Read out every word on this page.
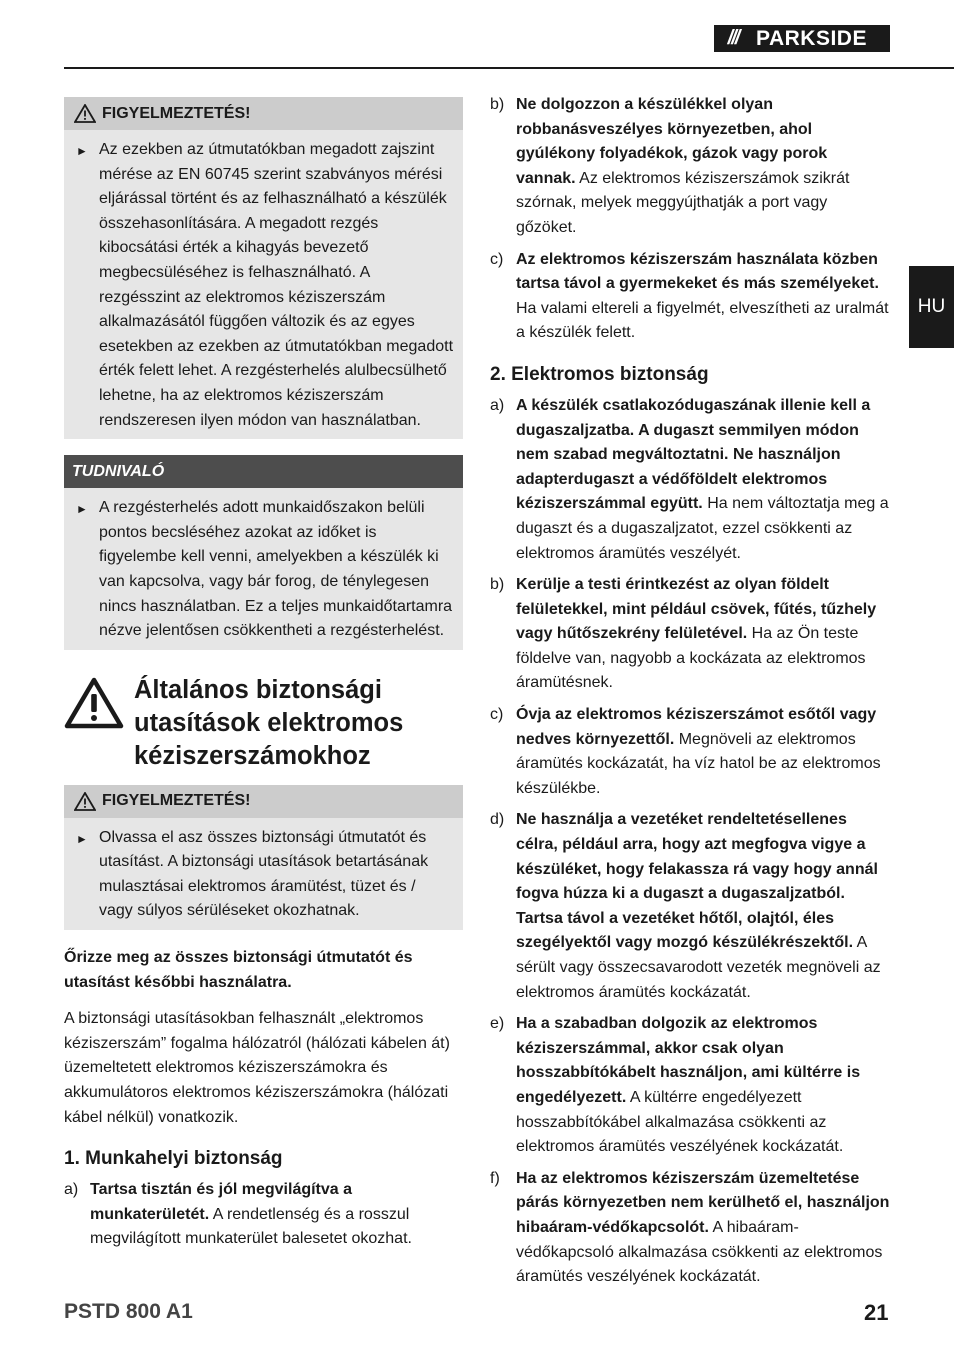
/// PARKSIDE
HU
FIGYELMEZTETÉS!
► Az ezekben az útmutatókban megadott zajszint mérése az EN 60745 szerint szabványos mérési eljárással történt és az felhasználható a készülék összehasonlítására. A megadott rezgés kibocsátási érték a kihagyás bevezető megbecsüléséhez is felhasználható. A rezgésszint az elektromos kéziszerszám alkalmazásától függően változik és az egyes esetekben az ezekben az útmutatókban megadott érték felett lehet. A rezgésterhelés alulbecsülhető lehetne, ha az elektromos kéziszerszám rendszeresen ilyen módon van használatban.
TUDNIVALÓ
► A rezgésterhelés adott munkaidőszakon belüli pontos becsléséhez azokat az időket is figyelembe kell venni, amelyekben a készülék ki van kapcsolva, vagy bár forog, de ténylegesen nincs használatban. Ez a teljes munkaidőtartamra nézve jelentősen csökkentheti a rezgésterhelést.
Általános biztonsági utasítások elektromos kéziszerszámokhoz
FIGYELMEZTETÉS!
► Olvassa el asz összes biztonsági útmutatót és utasítást. A biztonsági utasítások betartásának mulasztásai elektromos áramütést, tüzet és / vagy súlyos sérüléseket okozhatnak.
Őrizze meg az összes biztonsági útmutatót és utasítást későbbi használatra.
A biztonsági utasításokban felhasznált „elektromos kéziszerszám” fogalma hálózatról (hálózati kábelen át) üzemeltetett elektromos kéziszerszámokra és akkumulátoros elektromos kéziszerszámokra (hálózati kábel nélkül) vonatkozik.
1. Munkahelyi biztonság
a) Tartsa tisztán és jól megvilágítva a munkaterületét. A rendetlenség és a rosszul megvilágított munkaterület balesetet okozhat.
b) Ne dolgozzon a készülékkel olyan robbanásveszélyes környezetben, ahol gyúlékony folyadékok, gázok vagy porok vannak. Az elektromos kéziszerszámok szikrát szórnak, melyek meggyújthatják a port vagy gőzöket.
c) Az elektromos kéziszerszám használata közben tartsa távol a gyermekeket és más személyeket. Ha valami eltereli a figyelmét, elveszítheti az uralmát a készülék felett.
2. Elektromos biztonság
a) A készülék csatlakozódugaszának illenie kell a dugaszaljzatba. A dugaszt semmilyen módon nem szabad megváltoztatni. Ne használjon adapterdugaszt a védőföldelt elektromos kéziszerszámmal együtt. Ha nem változtatja meg a dugaszt és a dugaszaljzatot, ezzel csökkenti az elektromos áramütés veszélyét.
b) Kerülje a testi érintkezést az olyan földelt felületekkel, mint például csövek, fűtés, tűzhely vagy hűtőszekrény felületével. Ha az Ön teste földelve van, nagyobb a kockázata az elektromos áramütésnek.
c) Óvja az elektromos kéziszerszámot esőtől vagy nedves környezettől. Megnöveli az elektromos áramütés kockázatát, ha víz hatol be az elektromos készülékbe.
d) Ne használja a vezetéket rendeltetésellenes célra, például arra, hogy azt megfogva vigye a készüléket, hogy felakassza rá vagy hogy annál fogva húzza ki a dugaszt a dugaszaljzatból. Tartsa távol a vezetéket hőtől, olajtól, éles szegélyektől vagy mozgó készülékrészektől. A sérült vagy összecsavarodott vezeték megnöveli az elektromos áramütés kockázatát.
e) Ha a szabadban dolgozik az elektromos kéziszerszámmal, akkor csak olyan hosszabbítókábelt használjon, ami kültérre is engedélyezett. A kültérre engedélyezett hosszabbítókábel alkalmazása csökkenti az elektromos áramütés veszélyének kockázatát.
f)	Ha az elektromos kéziszerszám üzemeltetése párás környezetben nem kerülhető el, használjon hibaáram-védőkapcsolót. A hibaáram-védőkapcsoló alkalmazása csökkenti az elektromos áramütés veszélyének kockázatát.
PSTD 800 A1	21
